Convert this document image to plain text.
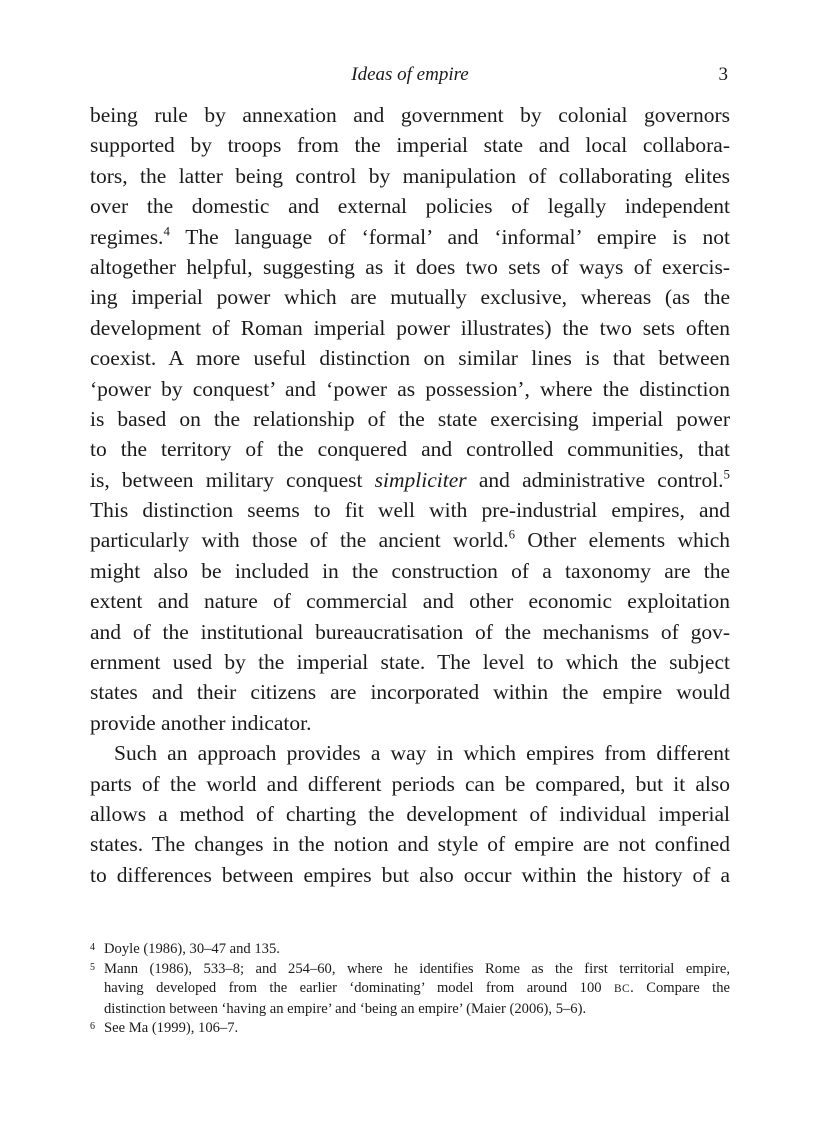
Ideas of empire	3
being rule by annexation and government by colonial governors
supported by troops from the imperial state and local collabora-
tors, the latter being control by manipulation of collaborating elites
over the domestic and external policies of legally independent
regimes.$^4$ The language of ‘formal’ and ‘informal’ empire is not
altogether helpful, suggesting as it does two sets of ways of exercis-
ing imperial power which are mutually exclusive, whereas (as the
development of Roman imperial power illustrates) the two sets often
coexist. A more useful distinction on similar lines is that between
‘power by conquest’ and ‘power as possession’, where the distinction
is based on the relationship of the state exercising imperial power
to the territory of the conquered and controlled communities, that
is, between military conquest simpliciter and administrative control.$^5$
This distinction seems to fit well with pre-industrial empires, and
particularly with those of the ancient world.$^6$ Other elements which
might also be included in the construction of a taxonomy are the
extent and nature of commercial and other economic exploitation
and of the institutional bureaucratisation of the mechanisms of gov-
ernment used by the imperial state. The level to which the subject
states and their citizens are incorporated within the empire would
provide another indicator.
Such an approach provides a way in which empires from different
parts of the world and different periods can be compared, but it also
allows a method of charting the development of individual imperial
states. The changes in the notion and style of empire are not confined
to differences between empires but also occur within the history of a
4 Doyle (1986), 30–47 and 135.
5 Mann (1986), 533–8; and 254–60, where he identifies Rome as the first territorial empire,
having developed from the earlier ‘dominating’ model from around 100 BC. Compare the
distinction between ‘having an empire’ and ‘being an empire’ (Maier (2006), 5–6).
6 See Ma (1999), 106–7.
